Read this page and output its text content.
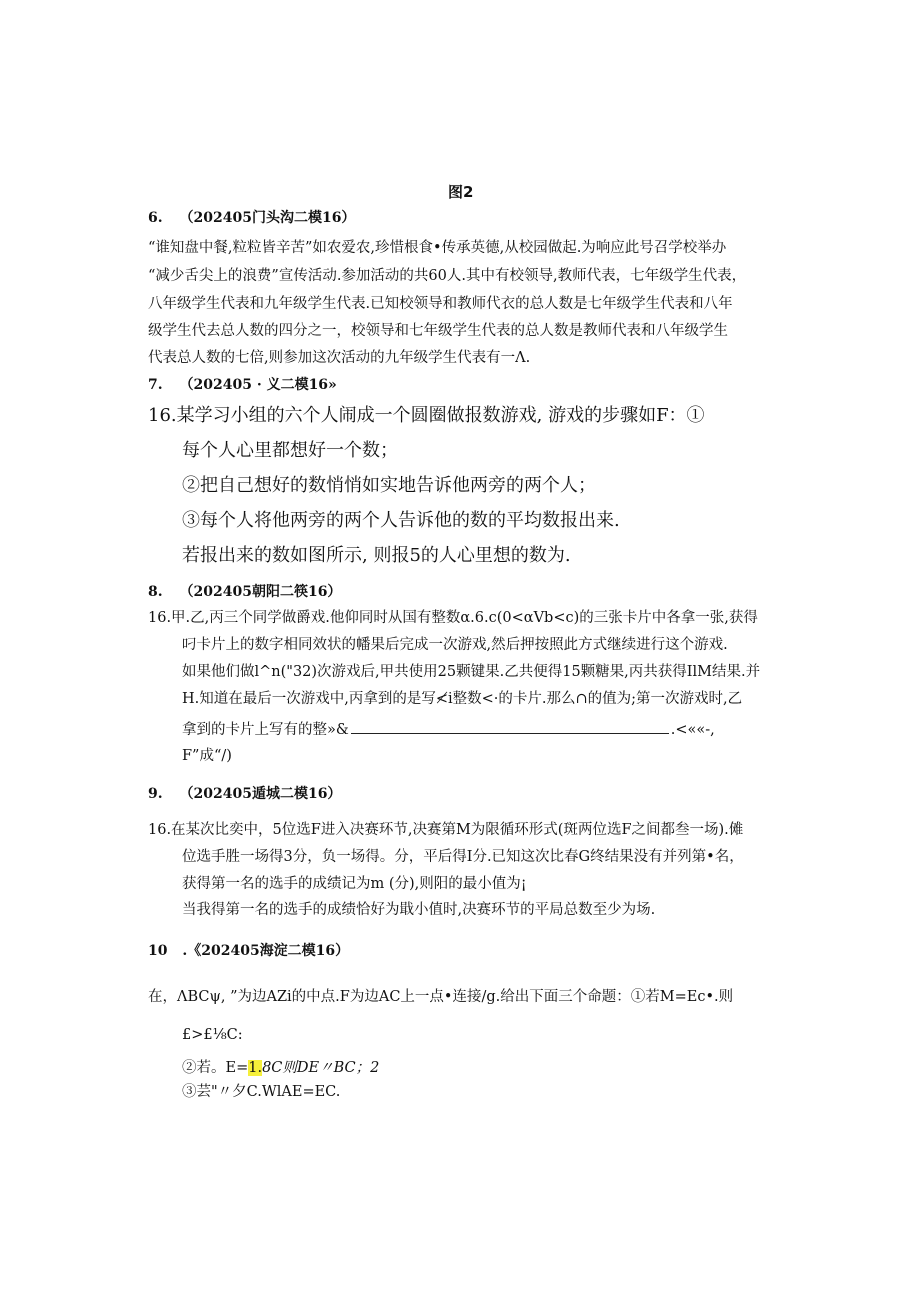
图2
6. （202405门头沟二模16）
“谁知盘中餐,粒粒皆辛苦”如农爱农,珍惜根食•传承英德,从校园做起.为响应此号召学校举办
“减少舌尖上的浪费”宣传活动.参加活动的共60人.其中有校领导,教师代表，七年级学生代表，
八年级学生代表和九年级学生代表.已知校领导和教师代衣的总人数是七年级学生代表和八年
级学生代去总人数的四分之一，校领导和七年级学生代表的总人数是教师代表和八年级学生
代表总人数的七倍,则参加这次活动的九年级学生代表有一Λ.
7. （202405 · 义二模16»
16.某学习小组的六个人闹成一个圆圈做报数游戏, 游戏的步骤如F：①
每个人心里都想好一个数；
②把自己想好的数悄悄如实地告诉他两旁的两个人；
③每个人将他两旁的两个人告诉他的数的平均数报出来.
若报出来的数如图所示, 则报5的人心里想的数为.
8. （202405朝阳二筷16）
16.甲.乙,丙三个同学做爵戏.他仰同时从国有整数α.6.c(0<αVb<c)的三张卡片中各拿一张,获得
叼卡片上的数字相同效状的幡果后完成一次游戏,然后押按照此方式继续进行这个游戏.
如果他们做l^n("32)次游戏后,甲共使用25颗键果.乙共便得15颗糖果,丙共获得IlM结果.并
H.知道在最后一次游戏中,丙拿到的是写≮i整数<·的卡片.那么∩的值为;第一次游戏时,乙
拿到的卡片上写有的整»&	.<««-,
F”成“/)
9. （202405遁城二模16）
16.在某次比奕中，5位选F进入决赛环节,决赛第M为限循环形式(斑两位选F之间都叁一场).傩
位选手胜一场得3分，负一场得。分，平后得I分.已知这次比春G终结果没有并列第•名，
获得第一名的选手的成绩记为m (分),则阳的最小值为¡
当我得第一名的选手的成绩恰好为戢小值时,决赛环节的平局总数至少为场.
10 .《202405海淀二模16）
在，ΛBCψ, ”为边AZi的中点.F为边AC上一点•连接/g.给出下面三个命题：①若M=Ec•.则
£>£⅛C:
②若。E=1.8C则DE〃BC；2
③芸"〃夕C.WlAE=EC.
